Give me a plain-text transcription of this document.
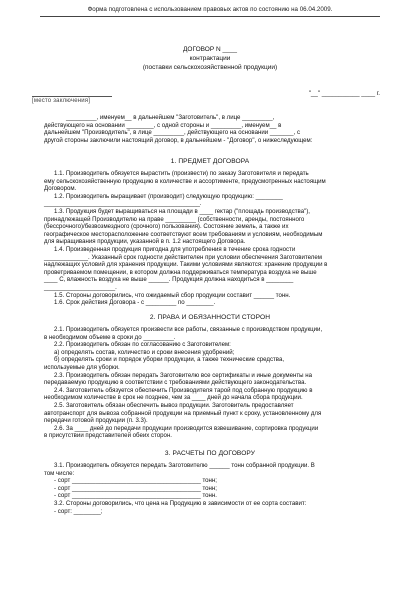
Форма подготовлена с использованием правовых актов по состоянию на 06.04.2009.
ДОГОВОР N ____
контрактации
(поставки сельскохозяйственной продукции)
[место заключения]
"__" ___________ ____ г.

_________, именуем__ в дальнейшем "Заготовитель", в лице _________,

действующего на основании ________, с одной стороны и _________, именуем__ в

дальнейшем "Производитель", в лице _________, действующего на основании _______, с

другой стороны заключили настоящий договор, в дальнейшем - "Договор", о нижеследующем:

1. ПРЕДМЕТ ДОГОВОРА

1.1. Производитель обязуется вырастить (произвести) по заказу Заготовителя и передать

ему сельскохозяйственную продукцию в количестве и ассортименте, предусмотренных настоящим

Договором.

1.2. Производитель выращивает (производит) следующую продукцию: ________

______________________________________________.

1.3. Продукция будет выращиваться на площади в ____ гектар ("площадь производства"),

принадлежащей Производителю на праве _________ (собственности, аренды, постоянного

(бессрочного)/безвозмездного (срочного) пользования). Состояние земель, а также их

географическое месторасположение соответствуют всем требованиям и условиям, необходимым

для выращивания продукции, указанной в п. 1.2 настоящего Договора.

1.4. Произведенная продукция пригодна для употребления в течение срока годности

_____________. Указанный срок годности действителен при условии обеспечения Заготовителем

надлежащих условий для хранения продукции. Такими условиями являются: хранение продукции в

проветриваемом помещении, в котором должна поддерживаться температура воздуха не выше

____ С, влажность воздуха не выше ______. Продукция должна находиться в ________

_____________________.

1.5. Стороны договорились, что ожидаемый сбор продукции составит ______ тонн.

1.6. Срок действия Договора - с _________ по ________.

2. ПРАВА И ОБЯЗАННОСТИ СТОРОН

2.1. Производитель обязуется произвести все работы, связанные с производством продукции,

в необходимом объеме в сроки до _________.

2.2. Производитель обязан по согласованию с Заготовителем:

а) определять состав, количество и сроки внесения удобрений;

б) определять сроки и порядок уборки продукции, а также технические средства,

используемые для уборки.

2.3. Производитель обязан передать Заготовителю все сертификаты и иные документы на

передаваемую продукцию в соответствии с требованиями действующего законодательства.

2.4. Заготовитель обязуется обеспечить Производителя тарой под собранную продукцию в

необходимом количестве в срок не позднее, чем за ____ дней до начала сбора продукции.

2.5. Заготовитель обязан обеспечить вывоз продукции. Заготовитель предоставляет

автотранспорт для вывоза собранной продукции на приемный пункт к сроку, установленному для

передачи готовой продукции (п. 3.3).

2.6. За ____ дней до передачи продукции производится взвешивание, сортировка продукции

в присутствии представителей обеих сторон.

3. РАСЧЕТЫ ПО ДОГОВОРУ

3.1. Производитель обязуется передать Заготовителю ______ тонн собранной продукции. В

том числе:

- сорт ______________________________________ тонн;

- сорт ______________________________________ тонн;

- сорт ______________________________________ тонн.

3.2. Стороны договорились, что цена на Продукцию в зависимости от ее сорта составит:

- сорт: ________;
